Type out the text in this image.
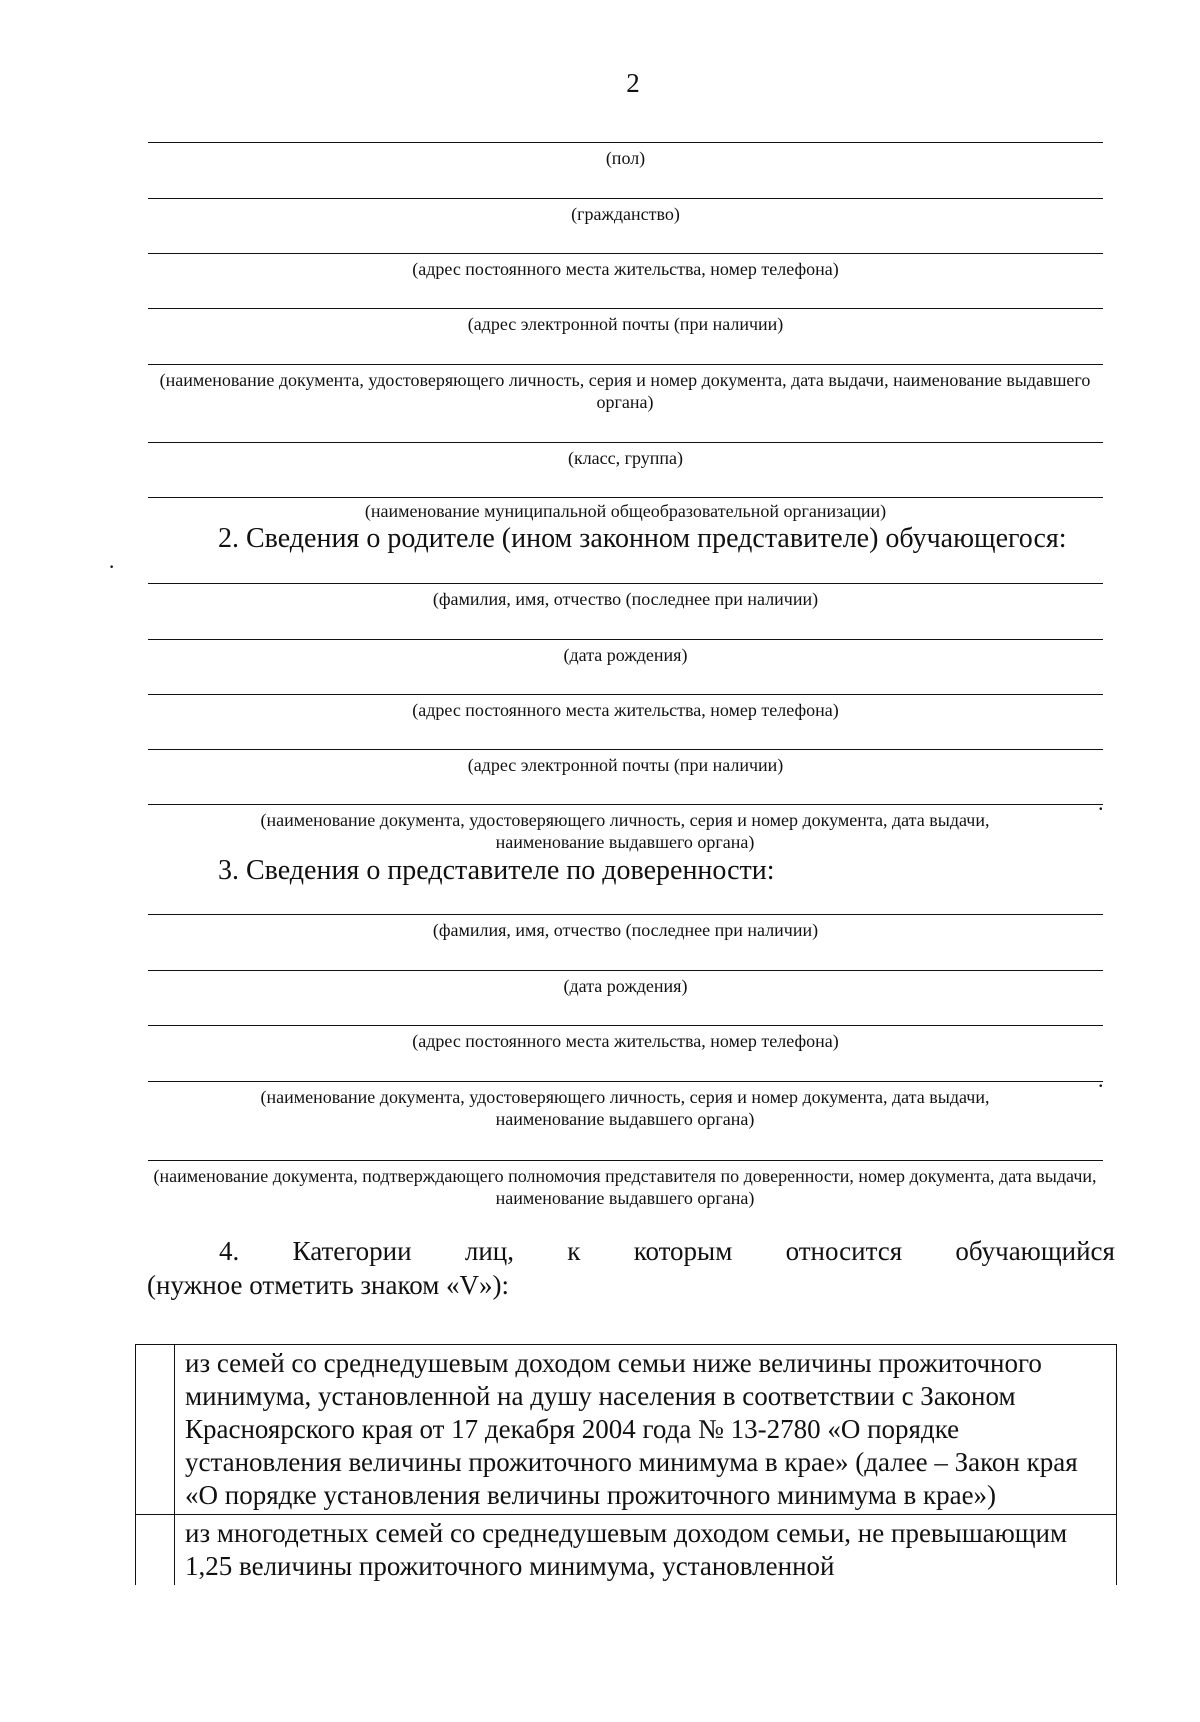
2
(пол)
(гражданство)
(адрес постоянного места жительства, номер телефона)
(адрес электронной почты (при наличии)
(наименование документа, удостоверяющего личность, серия и номер документа, дата выдачи, наименование выдавшего органа)
(класс, группа)
(наименование муниципальной общеобразовательной организации)
2. Сведения о родителе (ином законном представителе) обучающегося:
(фамилия, имя, отчество (последнее при наличии)
(дата рождения)
(адрес постоянного места жительства, номер телефона)
(адрес электронной почты (при наличии)
(наименование документа, удостоверяющего личность, серия и номер документа, дата выдачи, наименование выдавшего органа)
3. Сведения о представителе по доверенности:
(фамилия, имя, отчество (последнее при наличии)
(дата рождения)
(адрес постоянного места жительства, номер телефона)
(наименование документа, удостоверяющего личность, серия и номер документа, дата выдачи, наименование выдавшего органа)
(наименование документа, подтверждающего полномочия представителя по доверенности, номер документа, дата выдачи, наименование выдавшего органа)
·
.
.
4. Категории лиц, к которым относится обучающийся
(нужное отметить знаком «V»):
из семей со среднедушевым доходом семьи ниже величины прожиточного минимума, установленной на душу населения в соответствии с Законом Красноярского края от 17 декабря 2004 года № 13-2780 «О порядке установления величины прожиточного минимума в крае» (далее – Закон края «О порядке установления величины прожиточного минимума в крае»)
из многодетных семей со среднедушевым доходом семьи, не превышающим 1,25 величины прожиточного минимума, установленной
